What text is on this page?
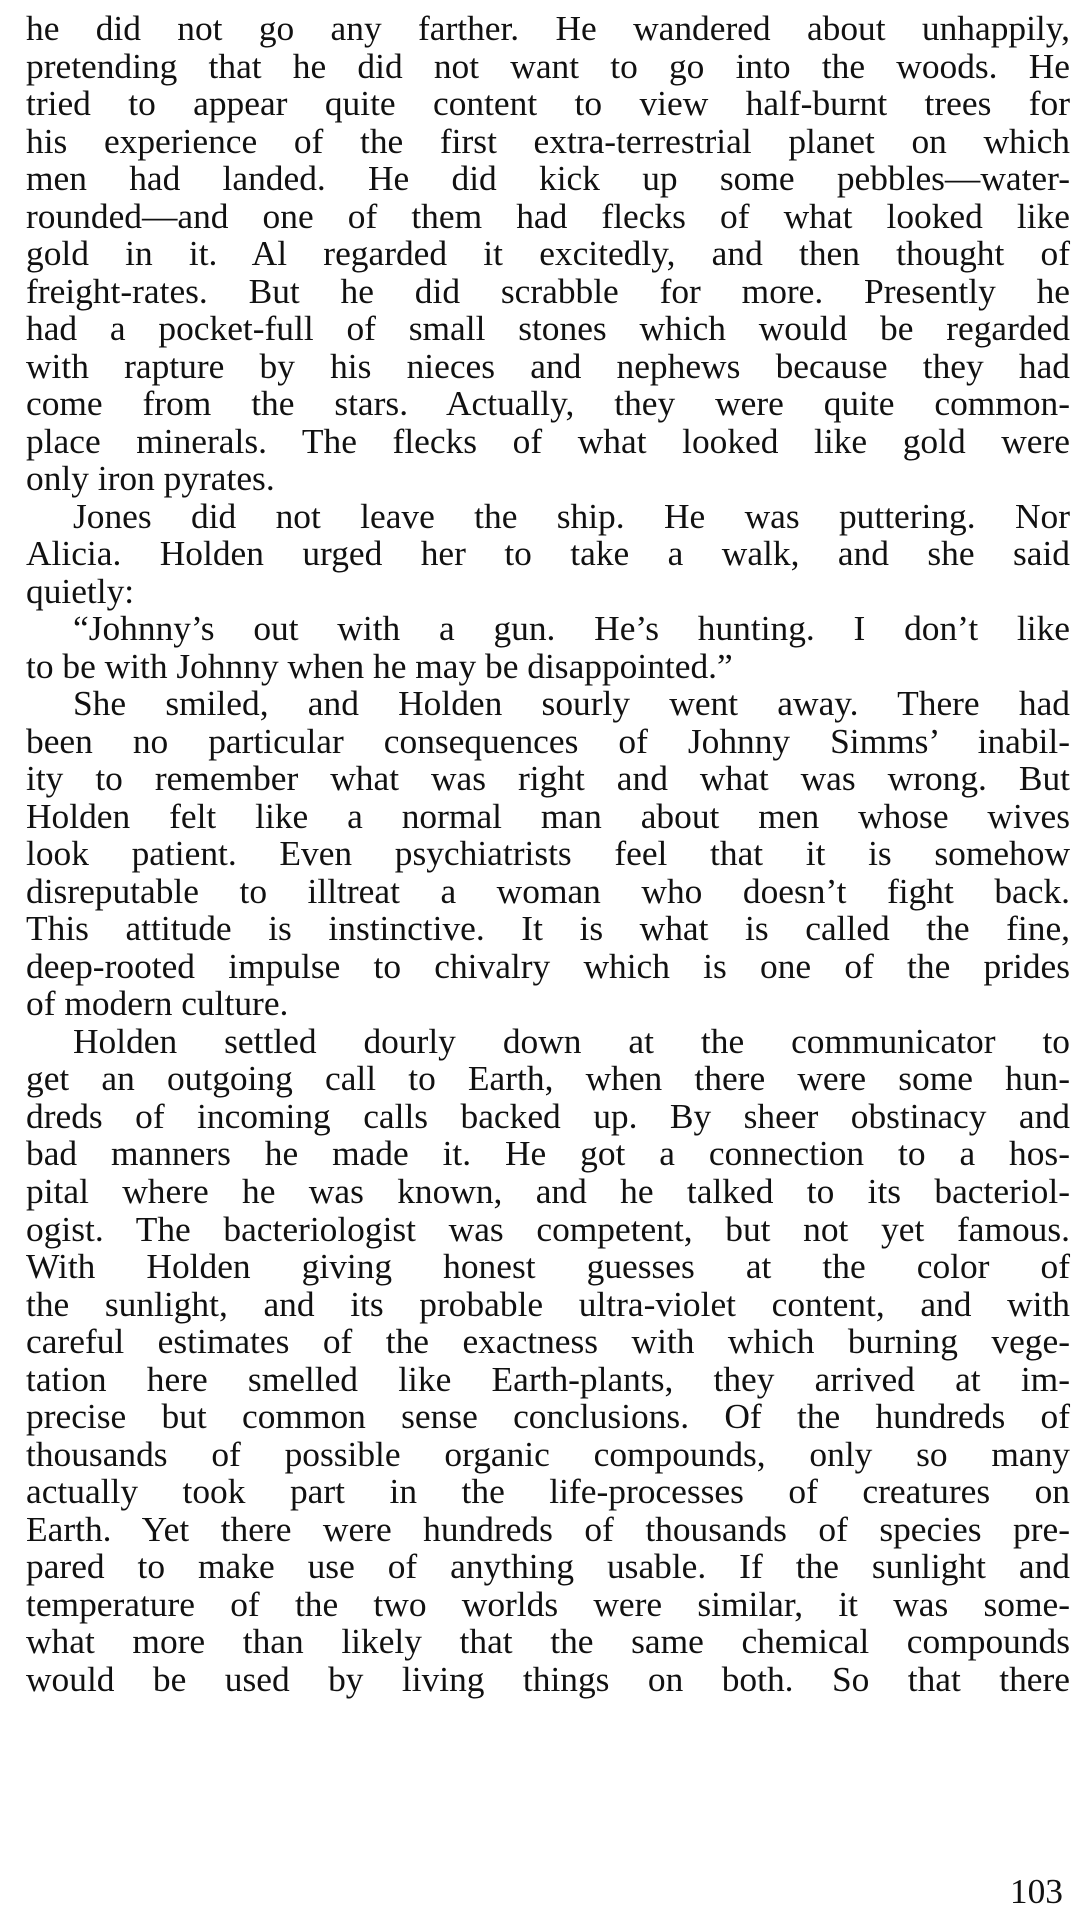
he did not go any farther. He wandered about unhappily,
pretending that he did not want to go into the woods. He
tried to appear quite content to view half-burnt trees for
his experience of the first extra-terrestrial planet on which
men had landed. He did kick up some pebbles—water-
rounded—and one of them had flecks of what looked like
gold in it. Al regarded it excitedly, and then thought of
freight-rates. But he did scrabble for more. Presently he
had a pocket-full of small stones which would be regarded
with rapture by his nieces and nephews because they had
come from the stars. Actually, they were quite common-
place minerals. The flecks of what looked like gold were
only iron pyrates.
Jones did not leave the ship. He was puttering. Nor
Alicia. Holden urged her to take a walk, and she said
quietly:
“Johnny’s out with a gun. He’s hunting. I don’t like
to be with Johnny when he may be disappointed.”
She smiled, and Holden sourly went away. There had
been no particular consequences of Johnny Simms’ inabil-
ity to remember what was right and what was wrong. But
Holden felt like a normal man about men whose wives
look patient. Even psychiatrists feel that it is somehow
disreputable to illtreat a woman who doesn’t fight back.
This attitude is instinctive. It is what is called the fine,
deep-rooted impulse to chivalry which is one of the prides
of modern culture.
Holden settled dourly down at the communicator to
get an outgoing call to Earth, when there were some hun-
dreds of incoming calls backed up. By sheer obstinacy and
bad manners he made it. He got a connection to a hos-
pital where he was known, and he talked to its bacteriol-
ogist. The bacteriologist was competent, but not yet famous.
With Holden giving honest guesses at the color of
the sunlight, and its probable ultra-violet content, and with
careful estimates of the exactness with which burning vege-
tation here smelled like Earth-plants, they arrived at im-
precise but common sense conclusions. Of the hundreds of
thousands of possible organic compounds, only so many
actually took part in the life-processes of creatures on
Earth. Yet there were hundreds of thousands of species pre-
pared to make use of anything usable. If the sunlight and
temperature of the two worlds were similar, it was some-
what more than likely that the same chemical compounds
would be used by living things on both. So that there
103
